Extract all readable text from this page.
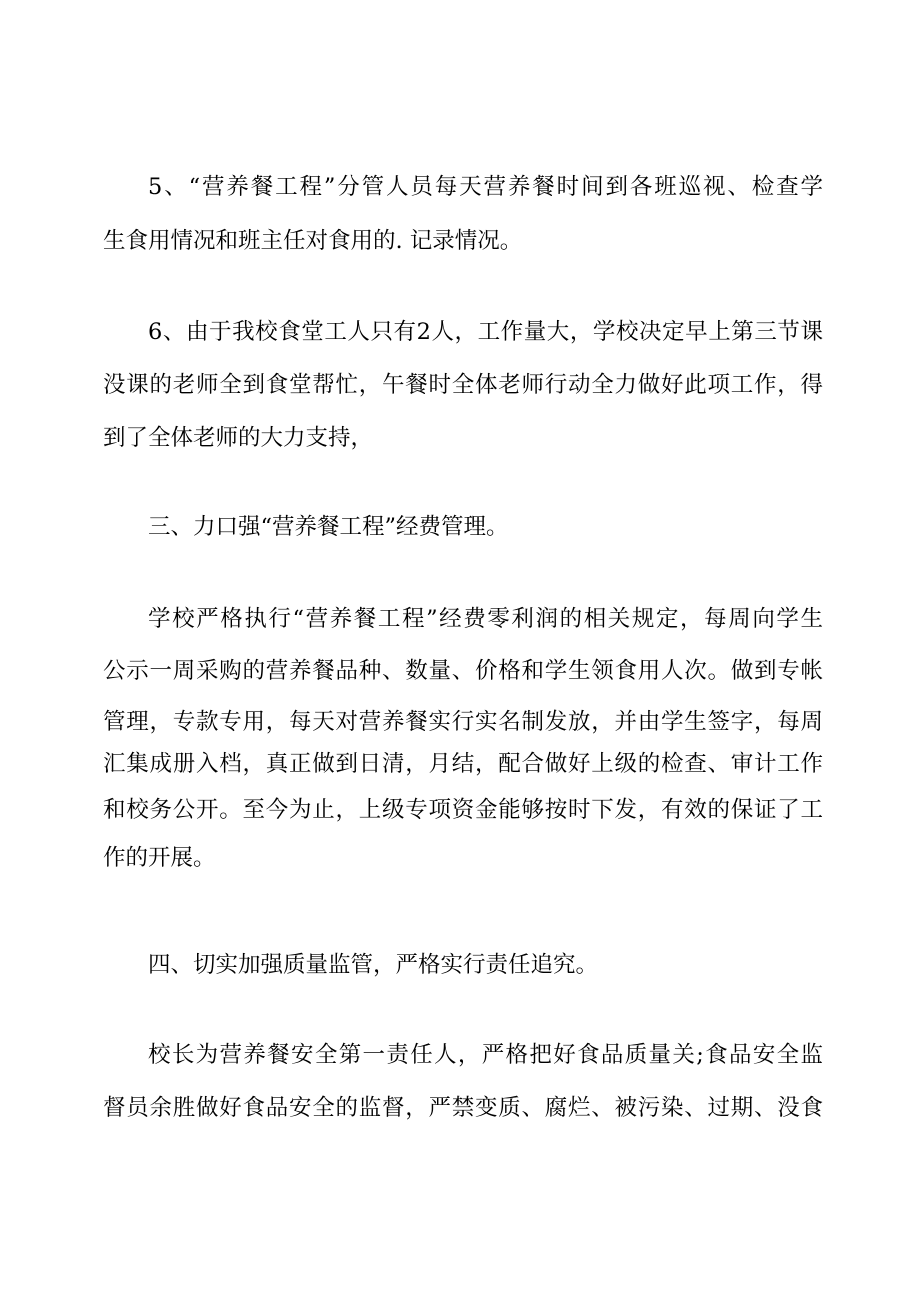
5、“营养餐工程”分管人员每天营养餐时间到各班巡视、检查学
生食用情况和班主任对食用的. 记录情况。
6、由于我校食堂工人只有2人，工作量大，学校决定早上第三节课
没课的老师全到食堂帮忙，午餐时全体老师行动全力做好此项工作，得
到了全体老师的大力支持，
三、力口强“营养餐工程”经费管理。
学校严格执行“营养餐工程”经费零利润的相关规定，每周向学生
公示一周采购的营养餐品种、数量、价格和学生领食用人次。做到专帐
管理，专款专用，每天对营养餐实行实名制发放，并由学生签字，每周
汇集成册入档，真正做到日清，月结，配合做好上级的检查、审计工作
和校务公开。至今为止，上级专项资金能够按时下发，有效的保证了工
作的开展。
四、切实加强质量监管，严格实行责任追究。
校长为营养餐安全第一责任人，严格把好食品质量关;食品安全监
督员余胜做好食品安全的监督，严禁变质、腐烂、被污染、过期、没食
